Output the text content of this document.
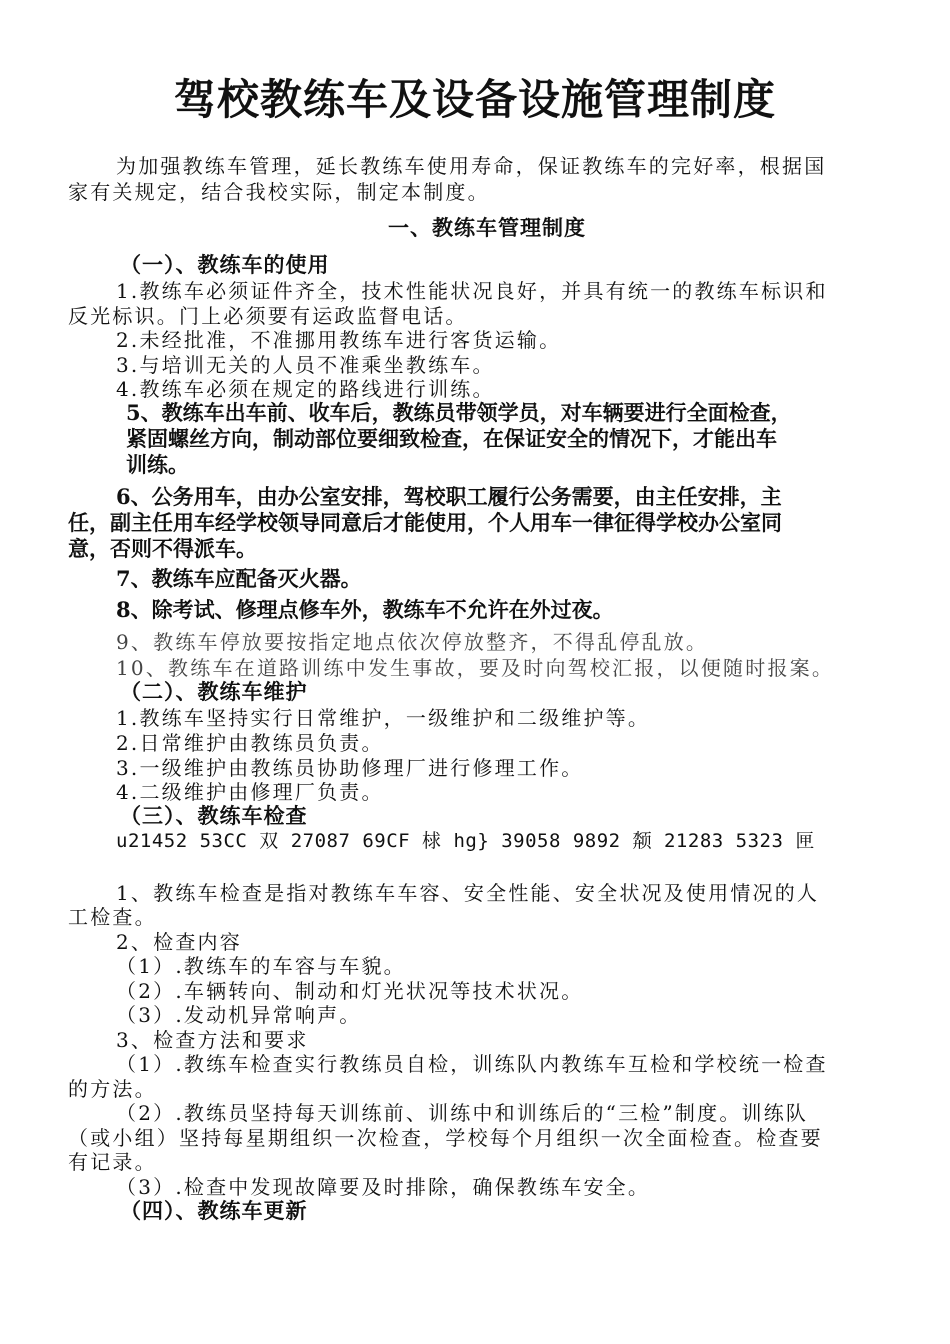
驾校教练车及设备设施管理制度
为加强教练车管理，延长教练车使用寿命，保证教练车的完好率，根据国
家有关规定，结合我校实际，制定本制度。
一、教练车管理制度
（一）、教练车的使用
1.教练车必须证件齐全，技术性能状况良好，并具有统一的教练车标识和
反光标识。门上必须要有运政监督电话。
2.未经批准，不准挪用教练车进行客货运输。
3.与培训无关的人员不准乘坐教练车。
4.教练车必须在规定的路线进行训练。
5、教练车出车前、收车后，教练员带领学员，对车辆要进行全面检查，
紧固螺丝方向，制动部位要细致检查，在保证安全的情况下，才能出车
训练。
6、公务用车，由办公室安排，驾校职工履行公务需要，由主任安排，主
任，副主任用车经学校领导同意后才能使用，个人用车一律征得学校办公室同
意，否则不得派车。
7、教练车应配备灭火器。
8、除考试、修理点修车外，教练车不允许在外过夜。
9、教练车停放要按指定地点依次停放整齐，不得乱停乱放。
10、教练车在道路训练中发生事故，要及时向驾校汇报，以便随时报案。
（二）、教练车维护
1.教练车坚持实行日常维护，一级维护和二级维护等。
2.日常维护由教练员负责。
3.一级维护由教练员协助修理厂进行修理工作。
4.二级维护由修理厂负责。
（三）、教练车检查
u21452 53CC 双 27087 69CF 梂 hg} 39058 9892 颒 21283 5323 匣
1、教练车检查是指对教练车车容、安全性能、安全状况及使用情况的人
工检查。
2、检查内容
（1）.教练车的车容与车貌。
（2）.车辆转向、制动和灯光状况等技术状况。
（3）.发动机异常响声。
3、检查方法和要求
（1）.教练车检查实行教练员自检，训练队内教练车互检和学校统一检查
的方法。
（2）.教练员坚持每天训练前、训练中和训练后的“三检”制度。训练队
（或小组）坚持每星期组织一次检查，学校每个月组织一次全面检查。检查要
有记录。
（3）.检查中发现故障要及时排除，确保教练车安全。
（四）、教练车更新
